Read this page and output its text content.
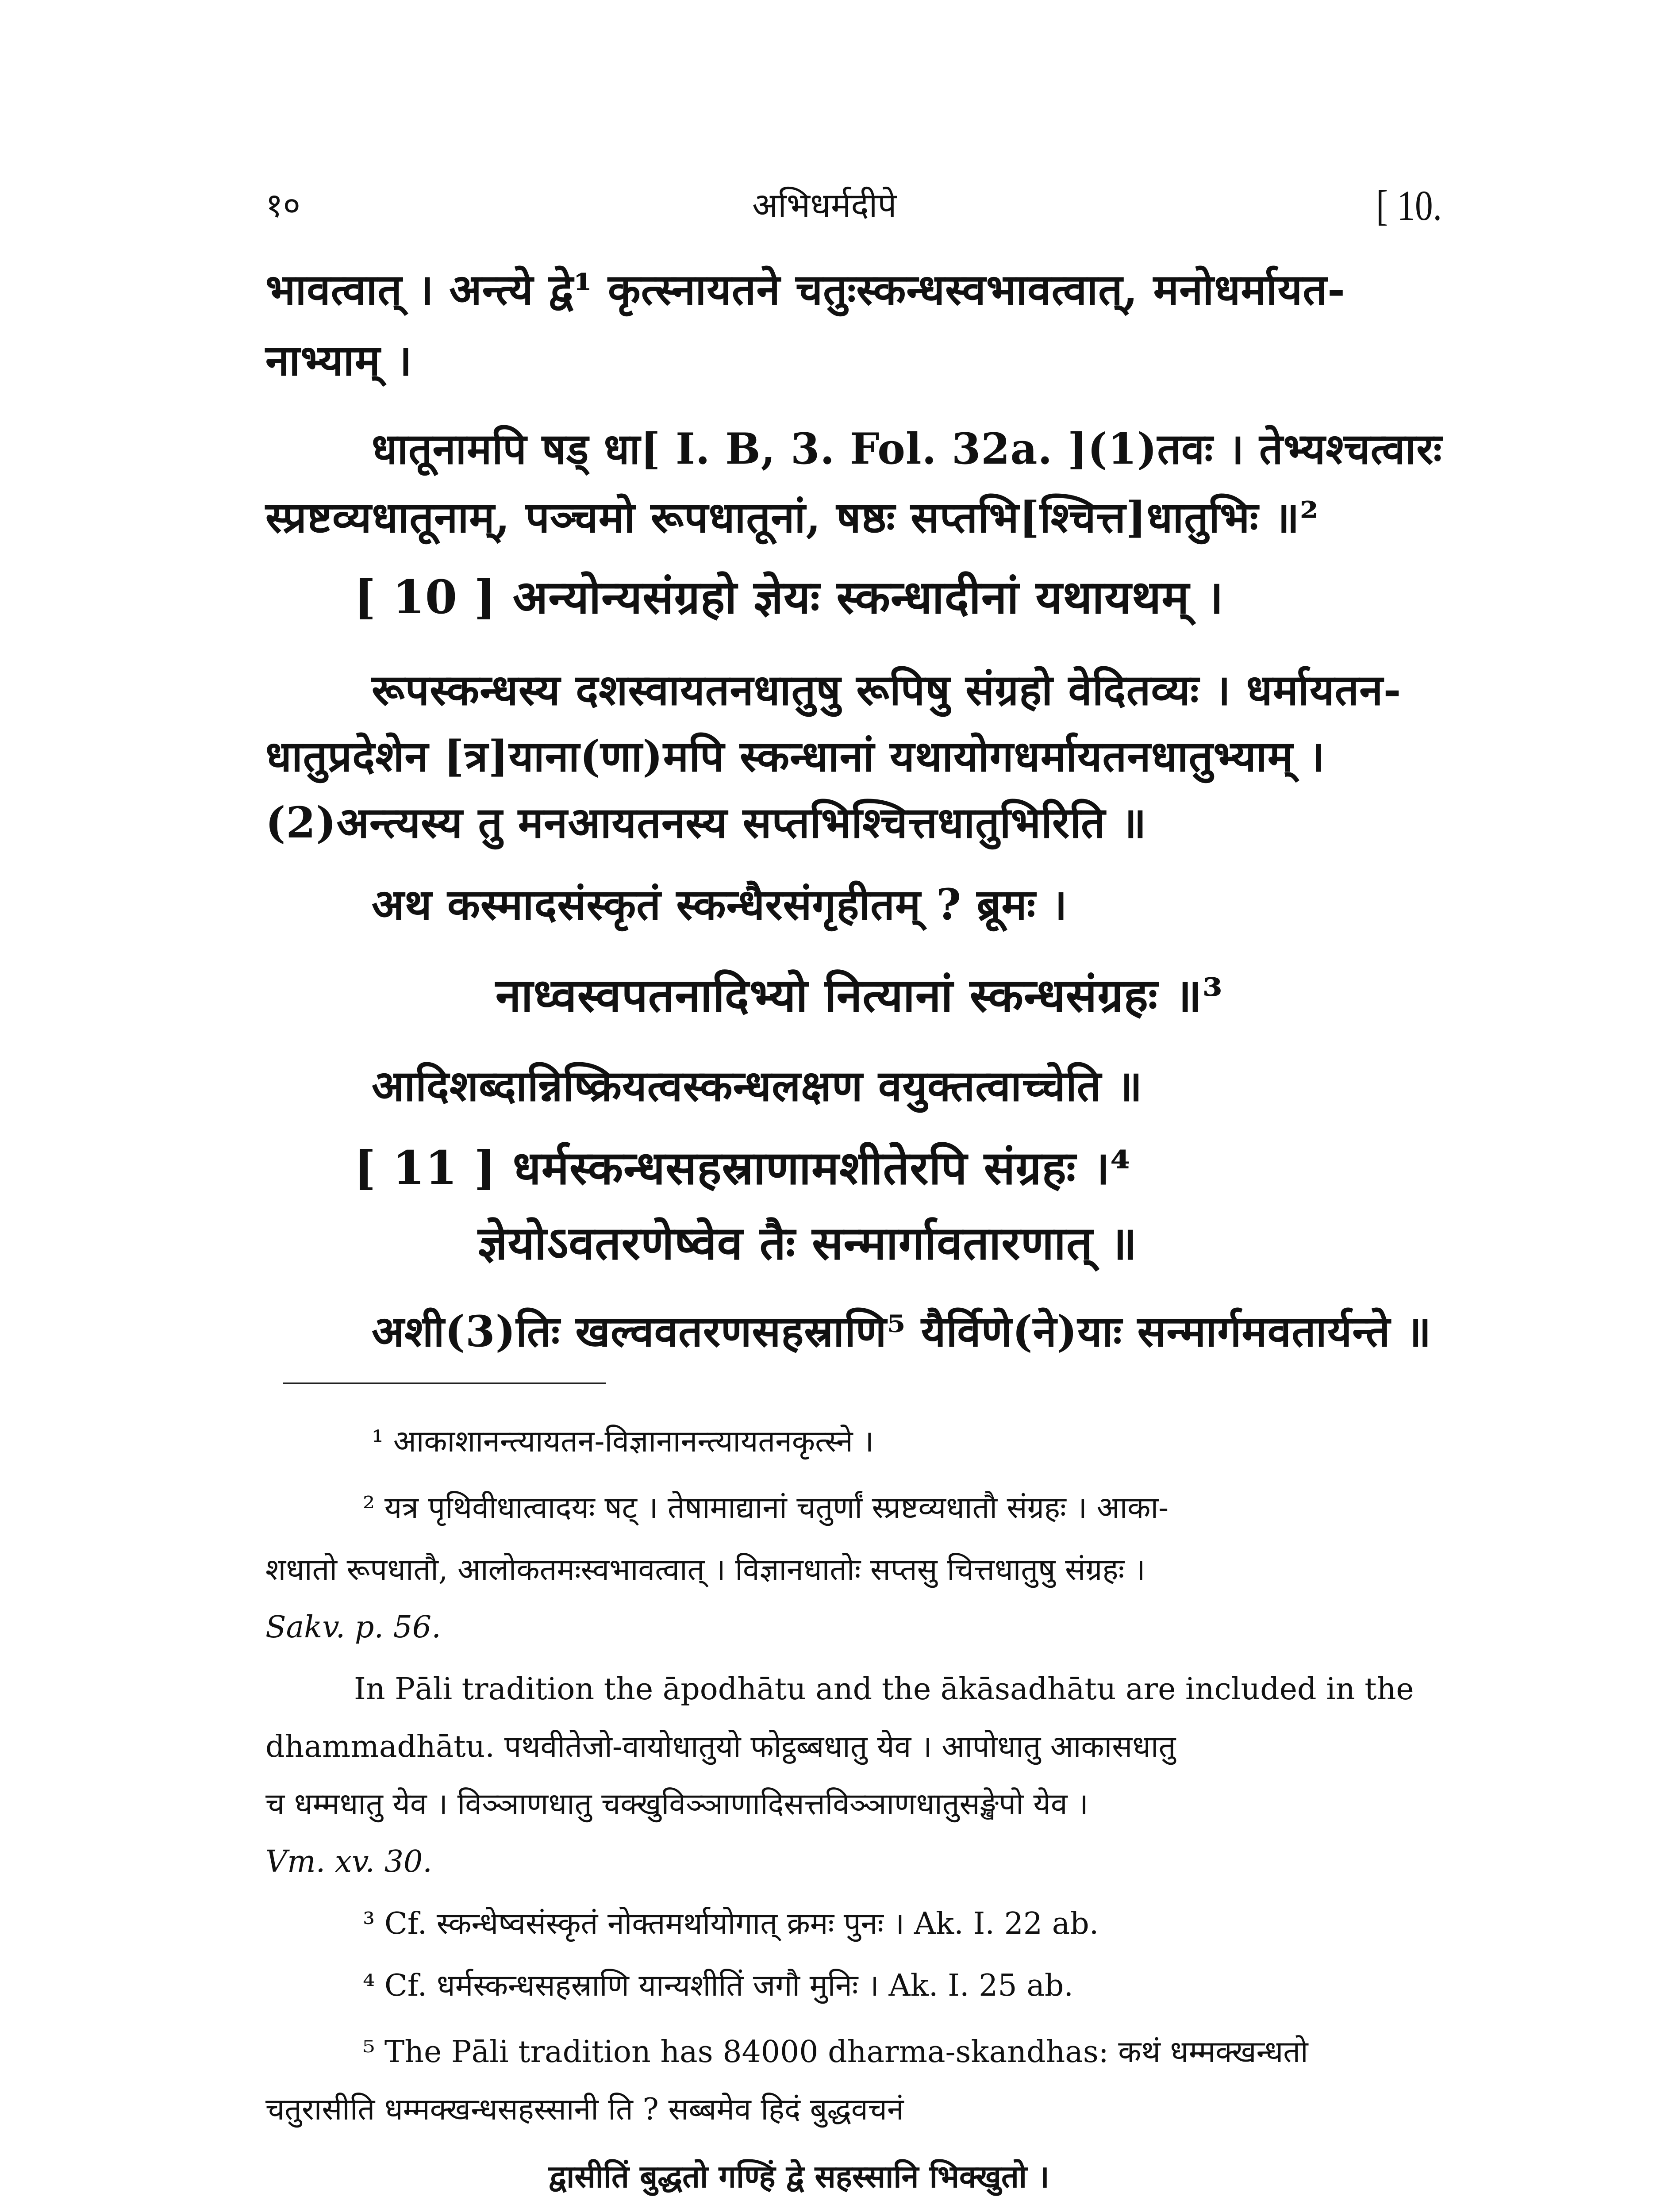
१०	अभिधर्मदीपे	[ 10.
भावत्वात् । अन्त्ये द्वे¹ कृत्स्नायतने चतुःस्कन्धस्वभावत्वात्, मनोधर्मायत-
नाभ्याम् ।
धातूनामपि षड् धा[ I. B, 3. Fol. 32a. ](1)तवः । तेभ्यश्चत्वारः
स्प्रष्टव्यधातूनाम्, पञ्चमो रूपधातूनां, षष्ठः सप्तभि[श्चित्त]धातुभिः ॥²
[ 10 ] अन्योन्यसंग्रहो ज्ञेयः स्कन्धादीनां यथायथम् ।
रूपस्कन्धस्य दशस्वायतनधातुषु रूपिषु संग्रहो वेदितव्यः । धर्मायतन-
धातुप्रदेशेन [त्र]याना(णा)मपि स्कन्धानां यथायोगधर्मायतनधातुभ्याम् ।
(2)अन्त्यस्य तु मनआयतनस्य सप्तभिश्चित्तधातुभिरिति ॥
अथ कस्मादसंस्कृतं स्कन्धैरसंगृहीतम् ? ब्रूमः ।
नाध्वस्वपतनादिभ्यो नित्यानां स्कन्धसंग्रहः ॥³
आदिशब्दान्निष्क्रियत्वस्कन्धलक्षण वयुक्तत्वाच्चेति ॥
[ 11 ] धर्मस्कन्धसहस्राणामशीतेरपि संग्रहः ।⁴
ज्ञेयोऽवतरणेष्वेव तैः सन्मार्गावतारणात् ॥
अशी(3)तिः खल्ववतरणसहस्राणि⁵ यैर्विणे(ने)याः सन्मार्गमवतार्यन्ते ॥
¹ आकाशानन्त्यायतन-विज्ञानानन्त्यायतनकृत्स्ने ।
² यत्र पृथिवीधात्वादयः षट् । तेषामाद्यानां चतुर्णां स्प्रष्टव्यधातौ संग्रहः । आका-
शधातो रूपधातौ, आलोकतमःस्वभावत्वात् । विज्ञानधातोः सप्तसु चित्तधातुषु संग्रहः ।
Sakv. p. 56.
In Pāli tradition the āpodhātu and the ākāsadhātu are included in the
dhammadhātu. पथवीतेजो-वायोधातुयो फोट्ठब्बधातु येव । आपोधातु आकासधातु
च धम्मधातु येव । विञ्ञाणधातु चक्खुविञ्ञाणादिसत्तविञ्ञाणधातुसङ्खेपो येव ।
Vm. xv. 30.
³ Cf. स्कन्धेष्वसंस्कृतं नोक्तमर्थायोगात् क्रमः पुनः । Ak. I. 22 ab.
⁴ Cf. धर्मस्कन्धसहस्राणि यान्यशीतिं जगौ मुनिः । Ak. I. 25 ab.
⁵ The Pāli tradition has 84000 dharma-skandhas: कथं धम्मक्खन्धतो
चतुरासीति धम्मक्खन्धसहस्सानी ति ? सब्बमेव हिदं बुद्धवचनं
द्वासीतिं बुद्धतो गण्हिं द्वे सहस्सानि भिक्खुतो ।
